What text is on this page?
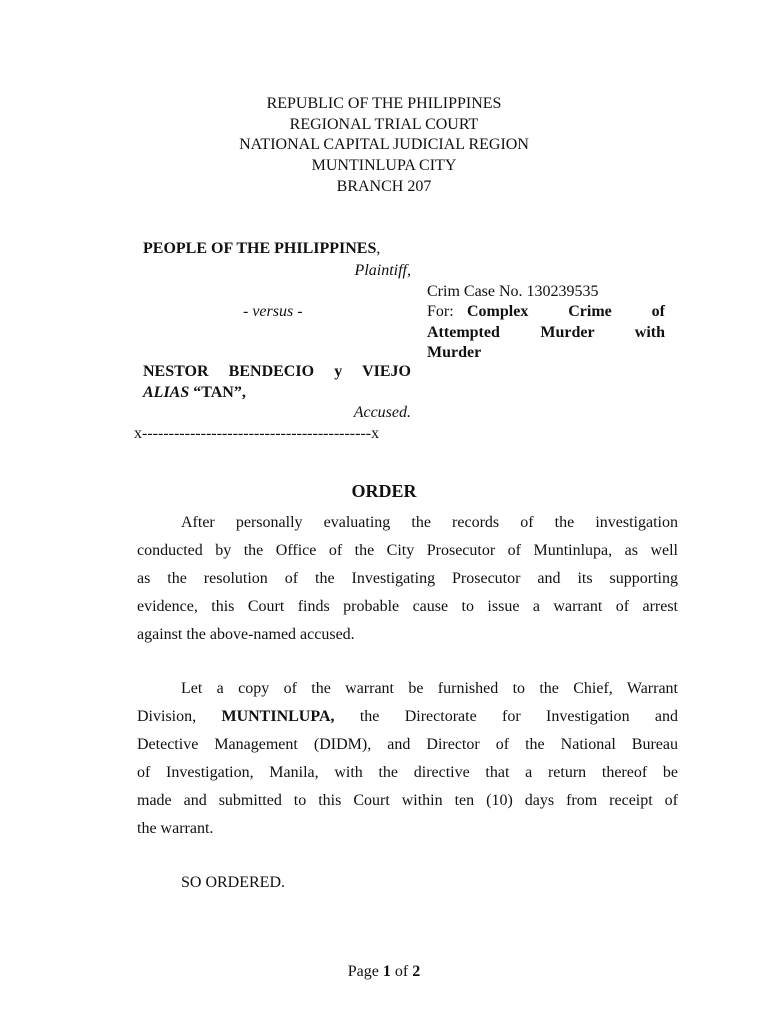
REPUBLIC OF THE PHILIPPINES
REGIONAL TRIAL COURT
NATIONAL CAPITAL JUDICIAL REGION
MUNTINLUPA CITY
BRANCH 207
PEOPLE OF THE PHILIPPINES,
Plaintiff,
- versus -
NESTOR BENDECIO y VIEJO
ALIAS “TAN”,
Accused.
x-------------------------------------------x
Crim Case No. 130239535
For: Complex Crime of
Attempted Murder with
Murder
ORDER
After personally evaluating the records of the investigation
conducted by the Office of the City Prosecutor of Muntinlupa, as well
as the resolution of the Investigating Prosecutor and its supporting
evidence, this Court finds probable cause to issue a warrant of arrest
against the above-named accused.
Let a copy of the warrant be furnished to the Chief, Warrant
Division, MUNTINLUPA, the Directorate for Investigation and
Detective Management (DIDM), and Director of the National Bureau
of Investigation, Manila, with the directive that a return thereof be
made and submitted to this Court within ten (10) days from receipt of
the warrant.
SO ORDERED.
Page 1 of 2
